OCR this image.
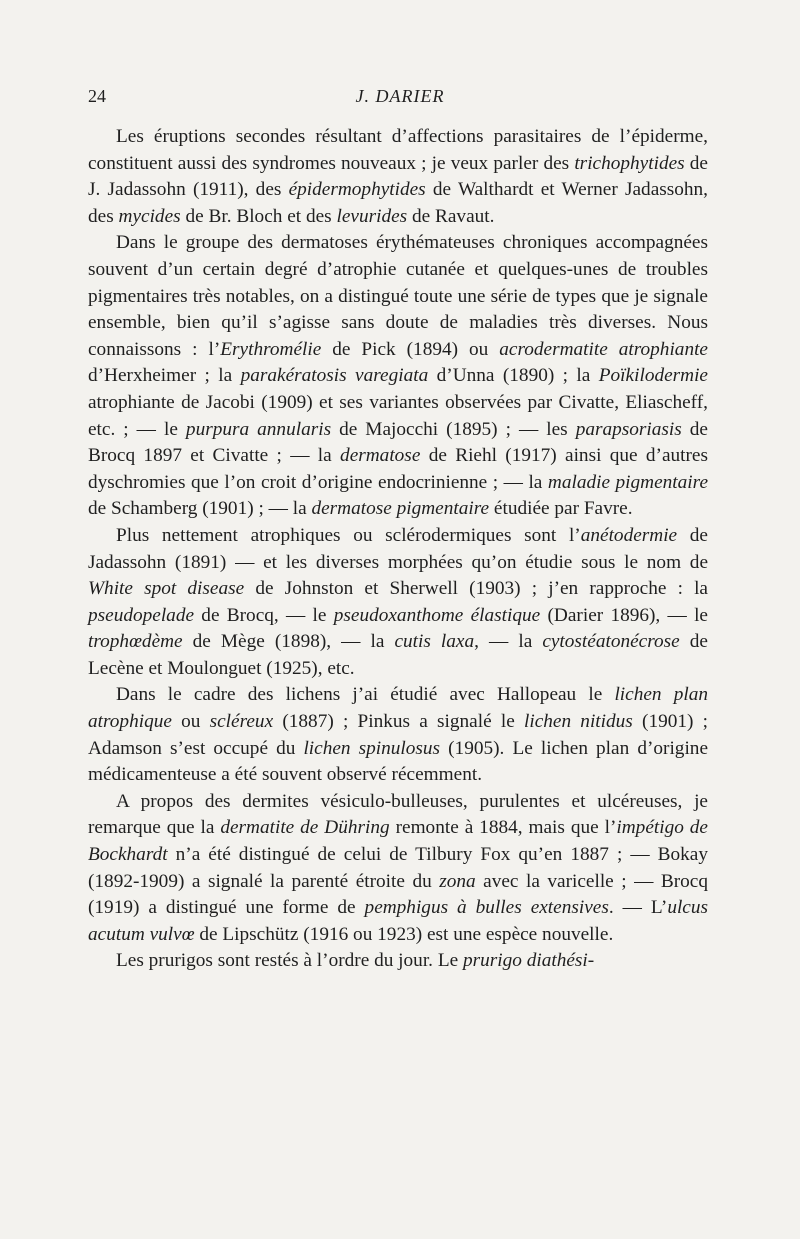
24	J. DARIER

Les éruptions secondes résultant d’affections parasitaires de l’épiderme, constituent aussi des syndromes nouveaux ; je veux parler des trichophytides de J. Jadassohn (1911), des épidermophytides de Walthardt et Werner Jadassohn, des mycides de Br. Bloch et des levurides de Ravaut.

Dans le groupe des dermatoses érythémateuses chroniques accompagnées souvent d’un certain degré d’atrophie cutanée et quelques-unes de troubles pigmentaires très notables, on a distingué toute une série de types que je signale ensemble, bien qu’il s’agisse sans doute de maladies très diverses. Nous connaissons : l’Erythromélie de Pick (1894) ou acrodermatite atrophiante d’Herxheimer ; la parakératosis varegiata d’Unna (1890) ; la Poïkilodermie atrophiante de Jacobi (1909) et ses variantes observées par Civatte, Eliascheff, etc. ; — le purpura annularis de Majocchi (1895) ; — les parapsoriasis de Brocq 1897 et Civatte ; — la dermatose de Riehl (1917) ainsi que d’autres dyschromies que l’on croit d’origine endocrinienne ; — la maladie pigmentaire de Schamberg (1901) ; — la dermatose pigmentaire étudiée par Favre.

Plus nettement atrophiques ou sclérodermiques sont l’anétodermie de Jadassohn (1891) — et les diverses morphées qu’on étudie sous le nom de White spot disease de Johnston et Sherwell (1903) ; j’en rapproche : la pseudopelade de Brocq, — le pseudoxanthome élastique (Darier 1896), — le trophœdème de Mège (1898), — la cutis laxa, — la cytostéatonécrose de Lecène et Moulonguet (1925), etc.

Dans le cadre des lichens j’ai étudié avec Hallopeau le lichen plan atrophique ou scléreux (1887) ; Pinkus a signalé le lichen nitidus (1901) ; Adamson s’est occupé du lichen spinulosus (1905). Le lichen plan d’origine médicamenteuse a été souvent observé récemment.

A propos des dermites vésiculo-bulleuses, purulentes et ulcéreuses, je remarque que la dermatite de Dühring remonte à 1884, mais que l’impétigo de Bockhardt n’a été distingué de celui de Tilbury Fox qu’en 1887 ; — Bokay (1892-1909) a signalé la parenté étroite du zona avec la varicelle ; — Brocq (1919) a distingué une forme de pemphigus à bulles extensives. — L’ulcus acutum vulvœ de Lipschütz (1916 ou 1923) est une espèce nouvelle.

Les prurigos sont restés à l’ordre du jour. Le prurigo diathési-
